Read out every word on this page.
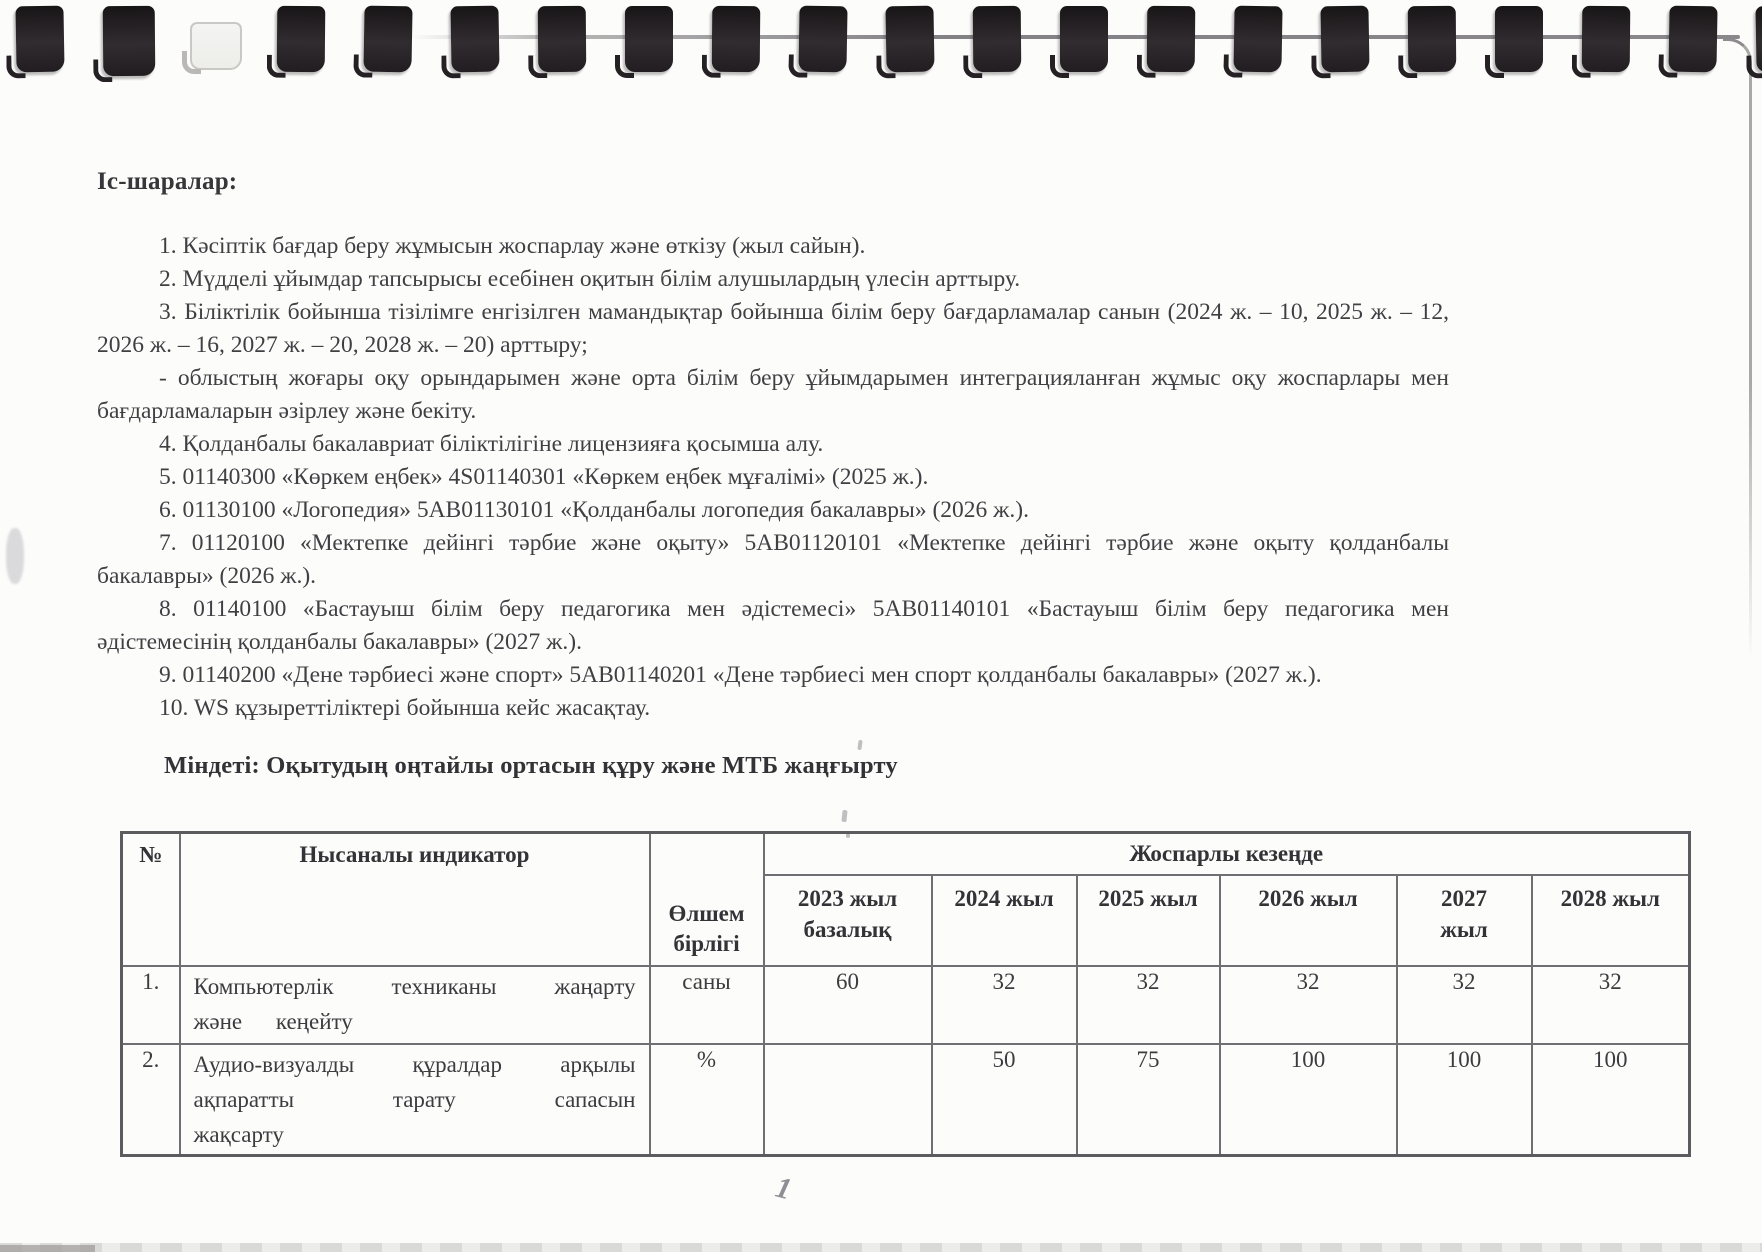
Іс-шаралар:

1. Кәсіптік бағдар беру жұмысын жоспарлау және өткізу (жыл сайын).

2. Мүдделі ұйымдар тапсырысы есебінен оқитын білім алушылардың үлесін арттыру.

3. Біліктілік бойынша тізілімге енгізілген мамандықтар бойынша білім беру бағдарламалар санын (2024 ж. – 10, 2025 ж. – 12, 2026 ж. – 16, 2027 ж. – 20, 2028 ж. – 20) арттыру;

- облыстың жоғары оқу орындарымен және орта білім беру ұйымдарымен интеграцияланған жұмыс оқу жоспарлары мен бағдарламаларын әзірлеу және бекіту.

4. Қолданбалы бакалавриат біліктілігіне лицензияға қосымша алу.

5. 01140300 «Көркем еңбек» 4S01140301 «Көркем еңбек мұғалімі» (2025 ж.).

6. 01130100 «Логопедия» 5АВ01130101 «Қолданбалы логопедия бакалавры» (2026 ж.).

7. 01120100 «Мектепке дейінгі тәрбие және оқыту» 5АВ01120101 «Мектепке дейінгі тәрбие және оқыту қолданбалы бакалавры» (2026 ж.).

8. 01140100 «Бастауыш білім беру педагогика мен әдістемесі» 5АВ01140101 «Бастауыш білім беру педагогика мен әдістемесінің қолданбалы бакалавры» (2027 ж.).

9. 01140200 «Дене тәрбиесі және спорт» 5АВ01140201 «Дене тәрбиесі мен спорт қолданбалы бакалавры» (2027 ж.).

10. WS құзыреттіліктері бойынша кейс жасақтау.

Міндеті: Оқытудың оңтайлы ортасын құру және МТБ жаңғырту

№	Нысаналы индикатор	Өлшем бірлігі	Жоспарлы кезеңде					
			2023 жыл базалық	2024 жыл	2025 жыл	2026 жыл	2027 жыл	2028 жыл
1.	Компьютерлік техниканы жаңарту және кеңейту	саны	60	32	32	32	32	32
2.	Аудио-визуалды құралдар арқылы ақпаратты тарату сапасын жақсарту	%		50	75	100	100	100
1
